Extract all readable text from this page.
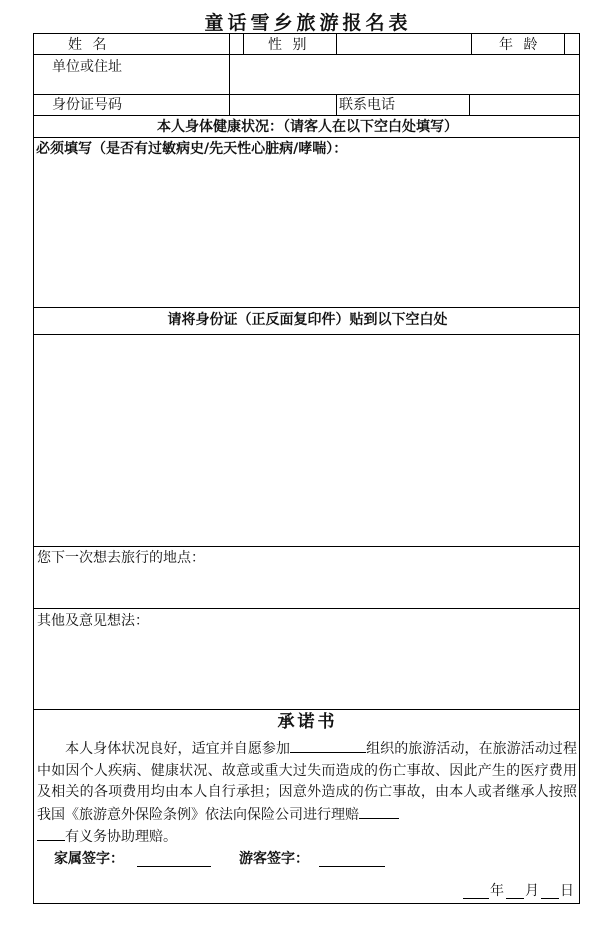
童话雪乡旅游报名表
姓 名	性 别	年 龄
单位或住址
身份证号码	联系电话
本人身体健康状况：（请客人在以下空白处填写）
必须填写（是否有过敏病史/先天性心脏病/哮喘）：
请将身份证（正反面复印件）贴到以下空白处
您下一次想去旅行的地点：
其他及意见想法：
承诺书
本人身体状况良好，适宜并自愿参加	组织的旅游活动，在旅游活动过程中如因个人疾病、健康状况、故意或重大过失而造成的伤亡事故、因此产生的医疗费用及相关的各项费用均由本人自行承担；因意外造成的伤亡事故，由本人或者继承人按照我国《旅游意外保险条例》依法向保险公司进行理赔
有义务协助理赔。
家属签字：	游客签字：
年 月 日
